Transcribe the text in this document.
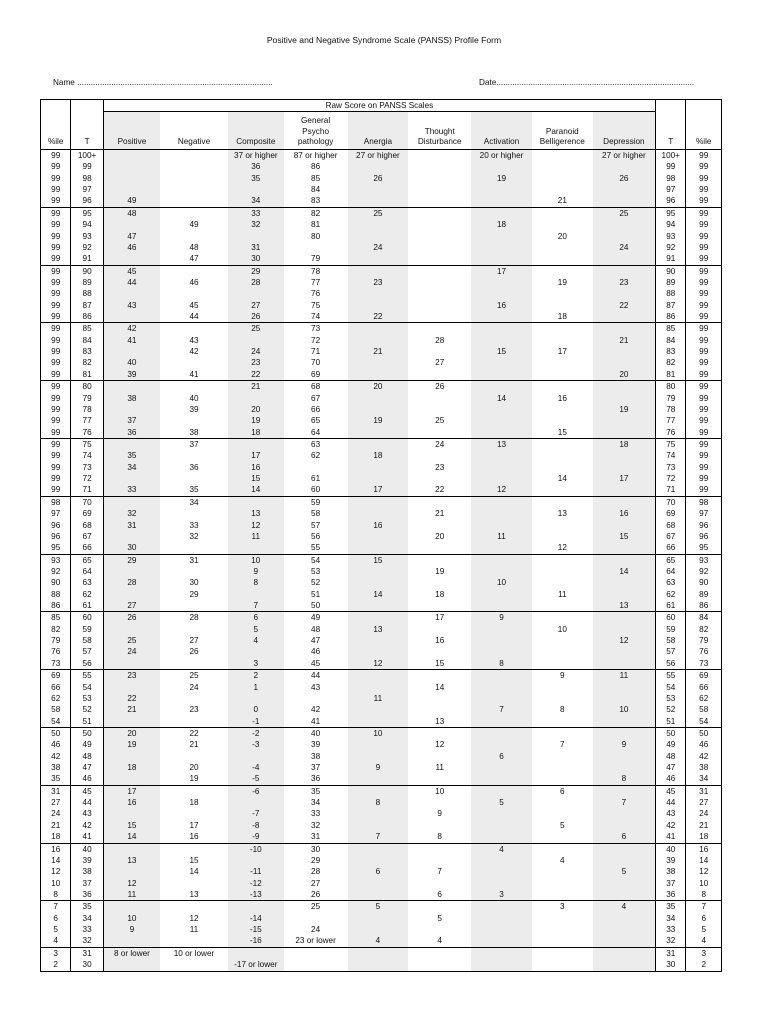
Positive and Negative Syndrome Scale (PANSS) Profile Form
Name ......................................................................................	Date.......................................................................................
		Raw Score on PANSS Scales										
%ile	T	Positive	Negative	Composite	General
Psycho
pathology	Anergia	Thought
Disturbance	Activation	Paranoid
Belligerence	Depression	T	%ile
99	100+			37 or higher	87 or higher	27 or higher		20 or higher		27 or higher	100+	99
99	99			36	86						99	99
99	98			35	85	26		19		26	98	99
99	97				84						97	99
99	96	49		34	83				21		96	99
99	95	48		33	82	25				25	95	99
99	94		49	32	81			18			94	99
99	93	47			80				20		93	99
99	92	46	48	31		24				24	92	99
99	91		47	30	79						91	99
99	90	45		29	78			17			90	99
99	89	44	46	28	77	23			19	23	89	99
99	88				76						88	99
99	87	43	45	27	75			16		22	87	99
99	86		44	26	74	22			18		86	99
99	85	42		25	73						85	99
99	84	41	43		72		28			21	84	99
99	83		42	24	71	21		15	17		83	99
99	82	40		23	70		27				82	99
99	81	39	41	22	69					20	81	99
99	80			21	68	20	26				80	99
99	79	38	40		67			14	16		79	99
99	78		39	20	66					19	78	99
99	77	37		19	65	19	25				77	99
99	76	36	38	18	64				15		76	99
99	75		37		63		24	13		18	75	99
99	74	35		17	62	18					74	99
99	73	34	36	16			23				73	99
99	72			15	61				14	17	72	99
99	71	33	35	14	60	17	22	12			71	99
98	70		34		59						70	98
97	69	32		13	58		21		13	16	69	97
96	68	31	33	12	57	16					68	96
96	67		32	11	56		20	11		15	67	96
95	66	30			55				12		66	95
93	65	29	31	10	54	15					65	93
92	64			9	53		19			14	64	92
90	63	28	30	8	52			10			63	90
88	62		29		51	14	18		11		62	89
86	61	27		7	50					13	61	86
85	60	26	28	6	49		17	9			60	84
82	59			5	48	13			10		59	82
79	58	25	27	4	47		16			12	58	79
76	57	24	26		46						57	76
73	56			3	45	12	15	8			56	73
69	55	23	25	2	44				9	11	55	69
66	54		24	1	43		14				54	66
62	53	22				11					53	62
58	52	21	23	0	42			7	8	10	52	58
54	51			-1	41		13				51	54
50	50	20	22	-2	40	10					50	50
46	49	19	21	-3	39		12		7	9	49	46
42	48				38			6			48	42
38	47	18	20	-4	37	9	11				47	38
35	46		19	-5	36					8	46	34
31	45	17		-6	35		10		6		45	31
27	44	16	18		34	8		5		7	44	27
24	43			-7	33		9				43	24
21	42	15	17	-8	32				5		42	21
18	41	14	16	-9	31	7	8			6	41	18
16	40			-10	30			4			40	16
14	39	13	15		29				4		39	14
12	38		14	-11	28	6	7			5	38	12
10	37	12		-12	27						37	10
8	36	11	13	-13	26		6	3			36	8
7	35				25	5			3	4	35	7
6	34	10	12	-14			5				34	6
5	33	9	11	-15	24						33	5
4	32			-16	23 or lower	4	4				32	4
3	31	8 or lower	10 or lower								31	3
2	30			-17 or lower							30	2
